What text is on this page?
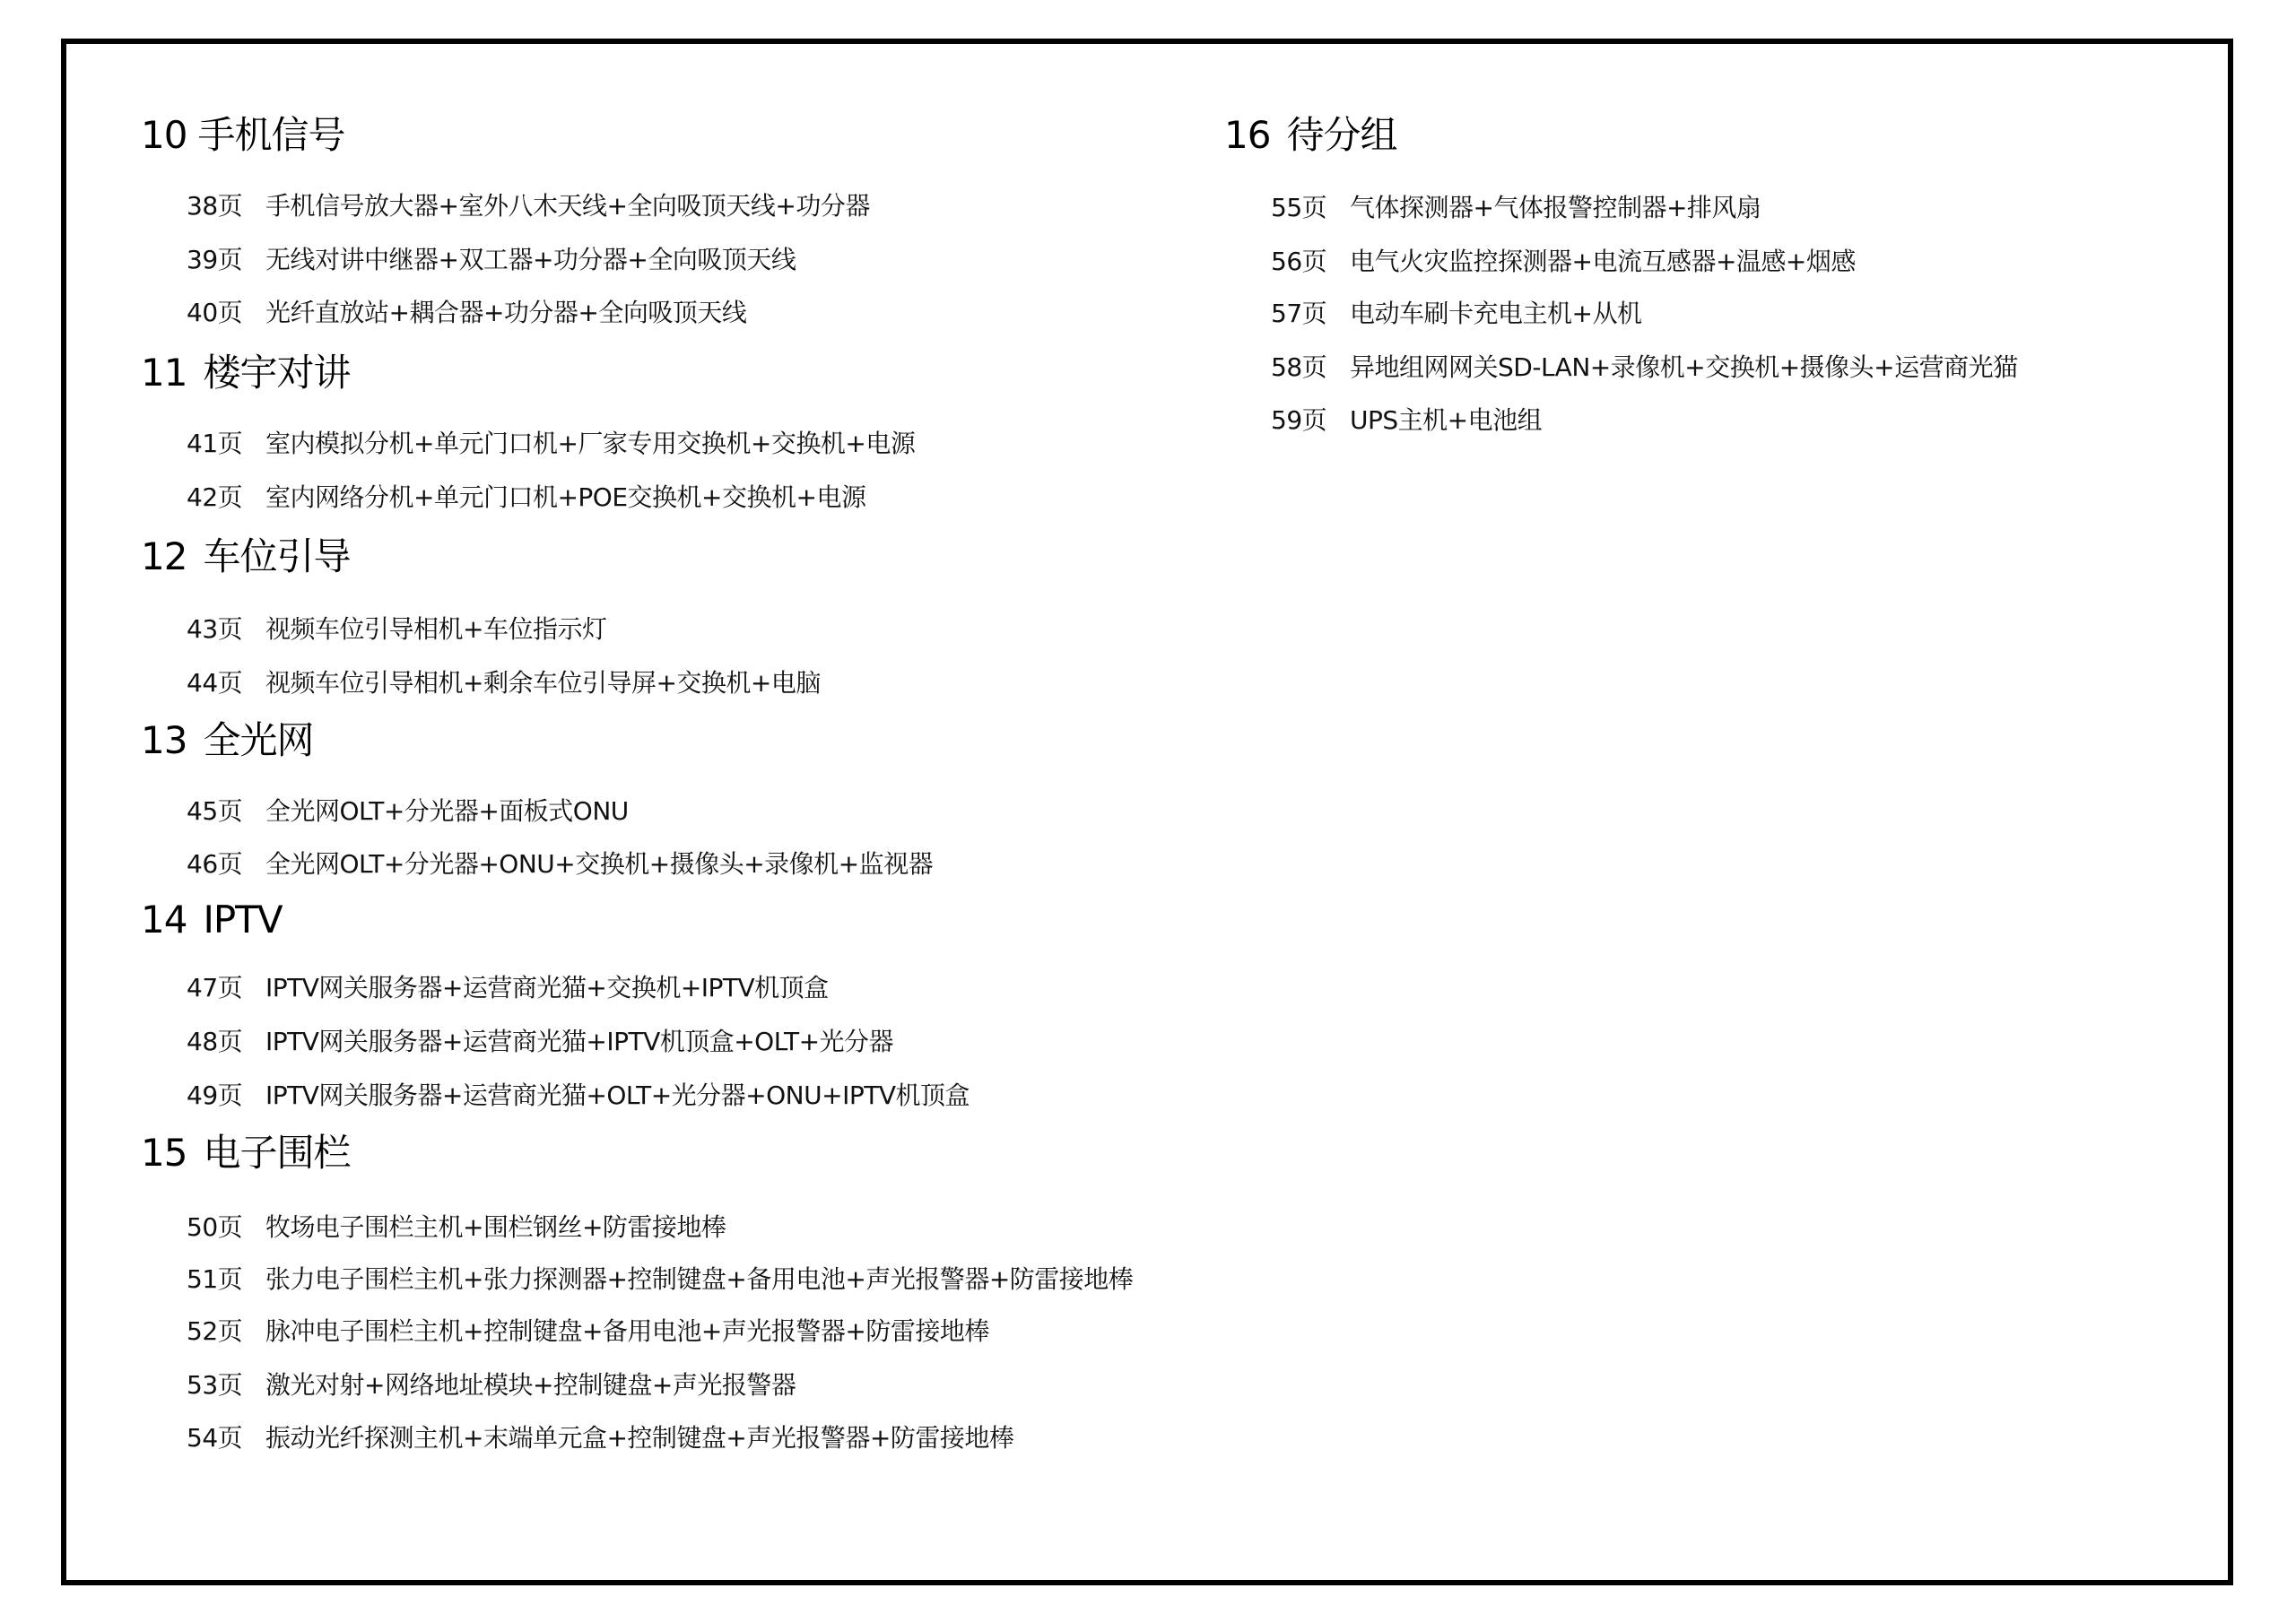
10 手机信号
38页 手机信号放大器+室外八木天线+全向吸顶天线+功分器
39页 无线对讲中继器+双工器+功分器+全向吸顶天线
40页 光纤直放站+耦合器+功分器+全向吸顶天线
11 楼宇对讲
41页 室内模拟分机+单元门口机+厂家专用交换机+交换机+电源
42页 室内网络分机+单元门口机+POE交换机+交换机+电源
12 车位引导
43页 视频车位引导相机+车位指示灯
44页 视频车位引导相机+剩余车位引导屏+交换机+电脑
13 全光网
45页 全光网OLT+分光器+面板式ONU
46页 全光网OLT+分光器+ONU+交换机+摄像头+录像机+监视器
14 IPTV
47页 IPTV网关服务器+运营商光猫+交换机+IPTV机顶盒
48页 IPTV网关服务器+运营商光猫+IPTV机顶盒+OLT+光分器
49页 IPTV网关服务器+运营商光猫+OLT+光分器+ONU+IPTV机顶盒
15 电子围栏
50页 牧场电子围栏主机+围栏钢丝+防雷接地棒
51页 张力电子围栏主机+张力探测器+控制键盘+备用电池+声光报警器+防雷接地棒
52页 脉冲电子围栏主机+控制键盘+备用电池+声光报警器+防雷接地棒
53页 激光对射+网络地址模块+控制键盘+声光报警器
54页 振动光纤探测主机+末端单元盒+控制键盘+声光报警器+防雷接地棒
16 待分组
55页 气体探测器+气体报警控制器+排风扇
56页 电气火灾监控探测器+电流互感器+温感+烟感
57页 电动车刷卡充电主机+从机
58页 异地组网网关SD-LAN+录像机+交换机+摄像头+运营商光猫
59页 UPS主机+电池组
